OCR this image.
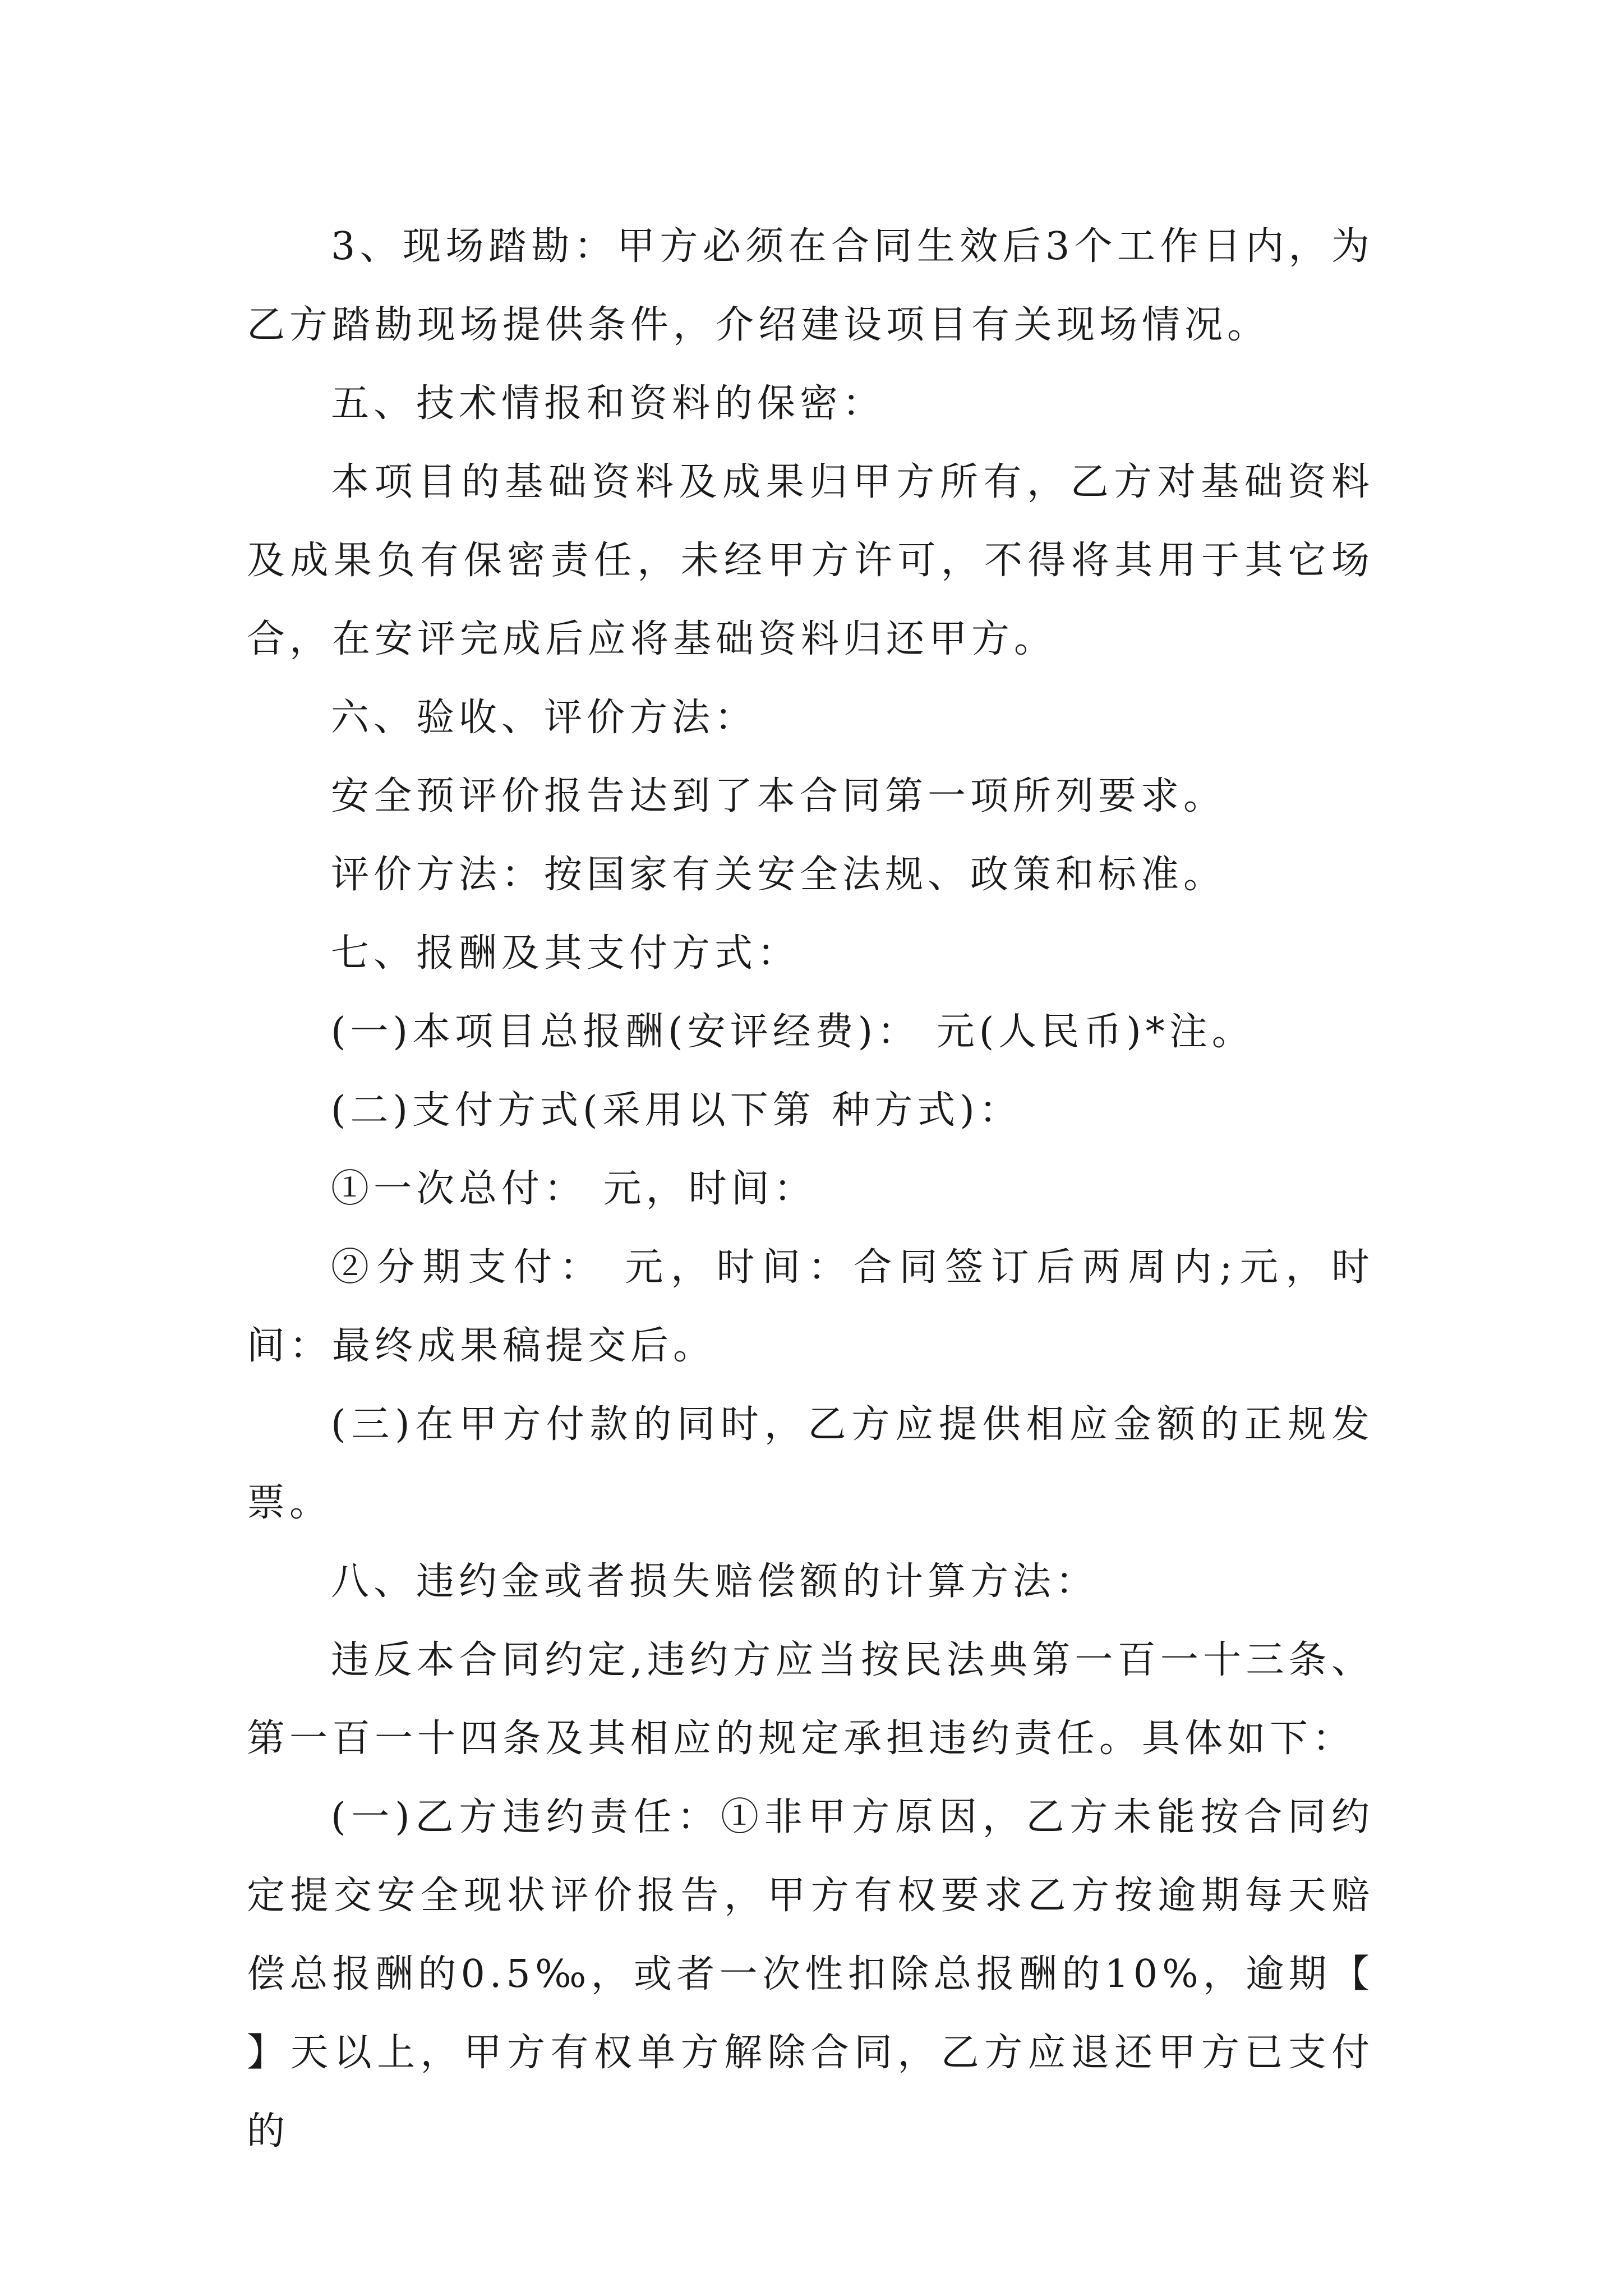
3、现场踏勘：甲方必须在合同生效后3个工作日内，为乙方踏勘现场提供条件，介绍建设项目有关现场情况。

五、技术情报和资料的保密：

本项目的基础资料及成果归甲方所有，乙方对基础资料及成果负有保密责任，未经甲方许可，不得将其用于其它场合，在安评完成后应将基础资料归还甲方。

六、验收、评价方法：

安全预评价报告达到了本合同第一项所列要求。

评价方法：按国家有关安全法规、政策和标准。

七、报酬及其支付方式：

(一)本项目总报酬(安评经费)： 元(人民币)*注。

(二)支付方式(采用以下第 种方式)：

①一次总付： 元，时间：

②分期支付： 元，时间：合同签订后两周内;元，时间：最终成果稿提交后。

(三)在甲方付款的同时，乙方应提供相应金额的正规发票。

八、违约金或者损失赔偿额的计算方法：

违反本合同约定,违约方应当按民法典第一百一十三条、第一百一十四条及其相应的规定承担违约责任。具体如下：

(一)乙方违约责任：①非甲方原因，乙方未能按合同约定提交安全现状评价报告，甲方有权要求乙方按逾期每天赔偿总报酬的0.5‰，或者一次性扣除总报酬的10%，逾期【 】天以上，甲方有权单方解除合同，乙方应退还甲方已支付的
